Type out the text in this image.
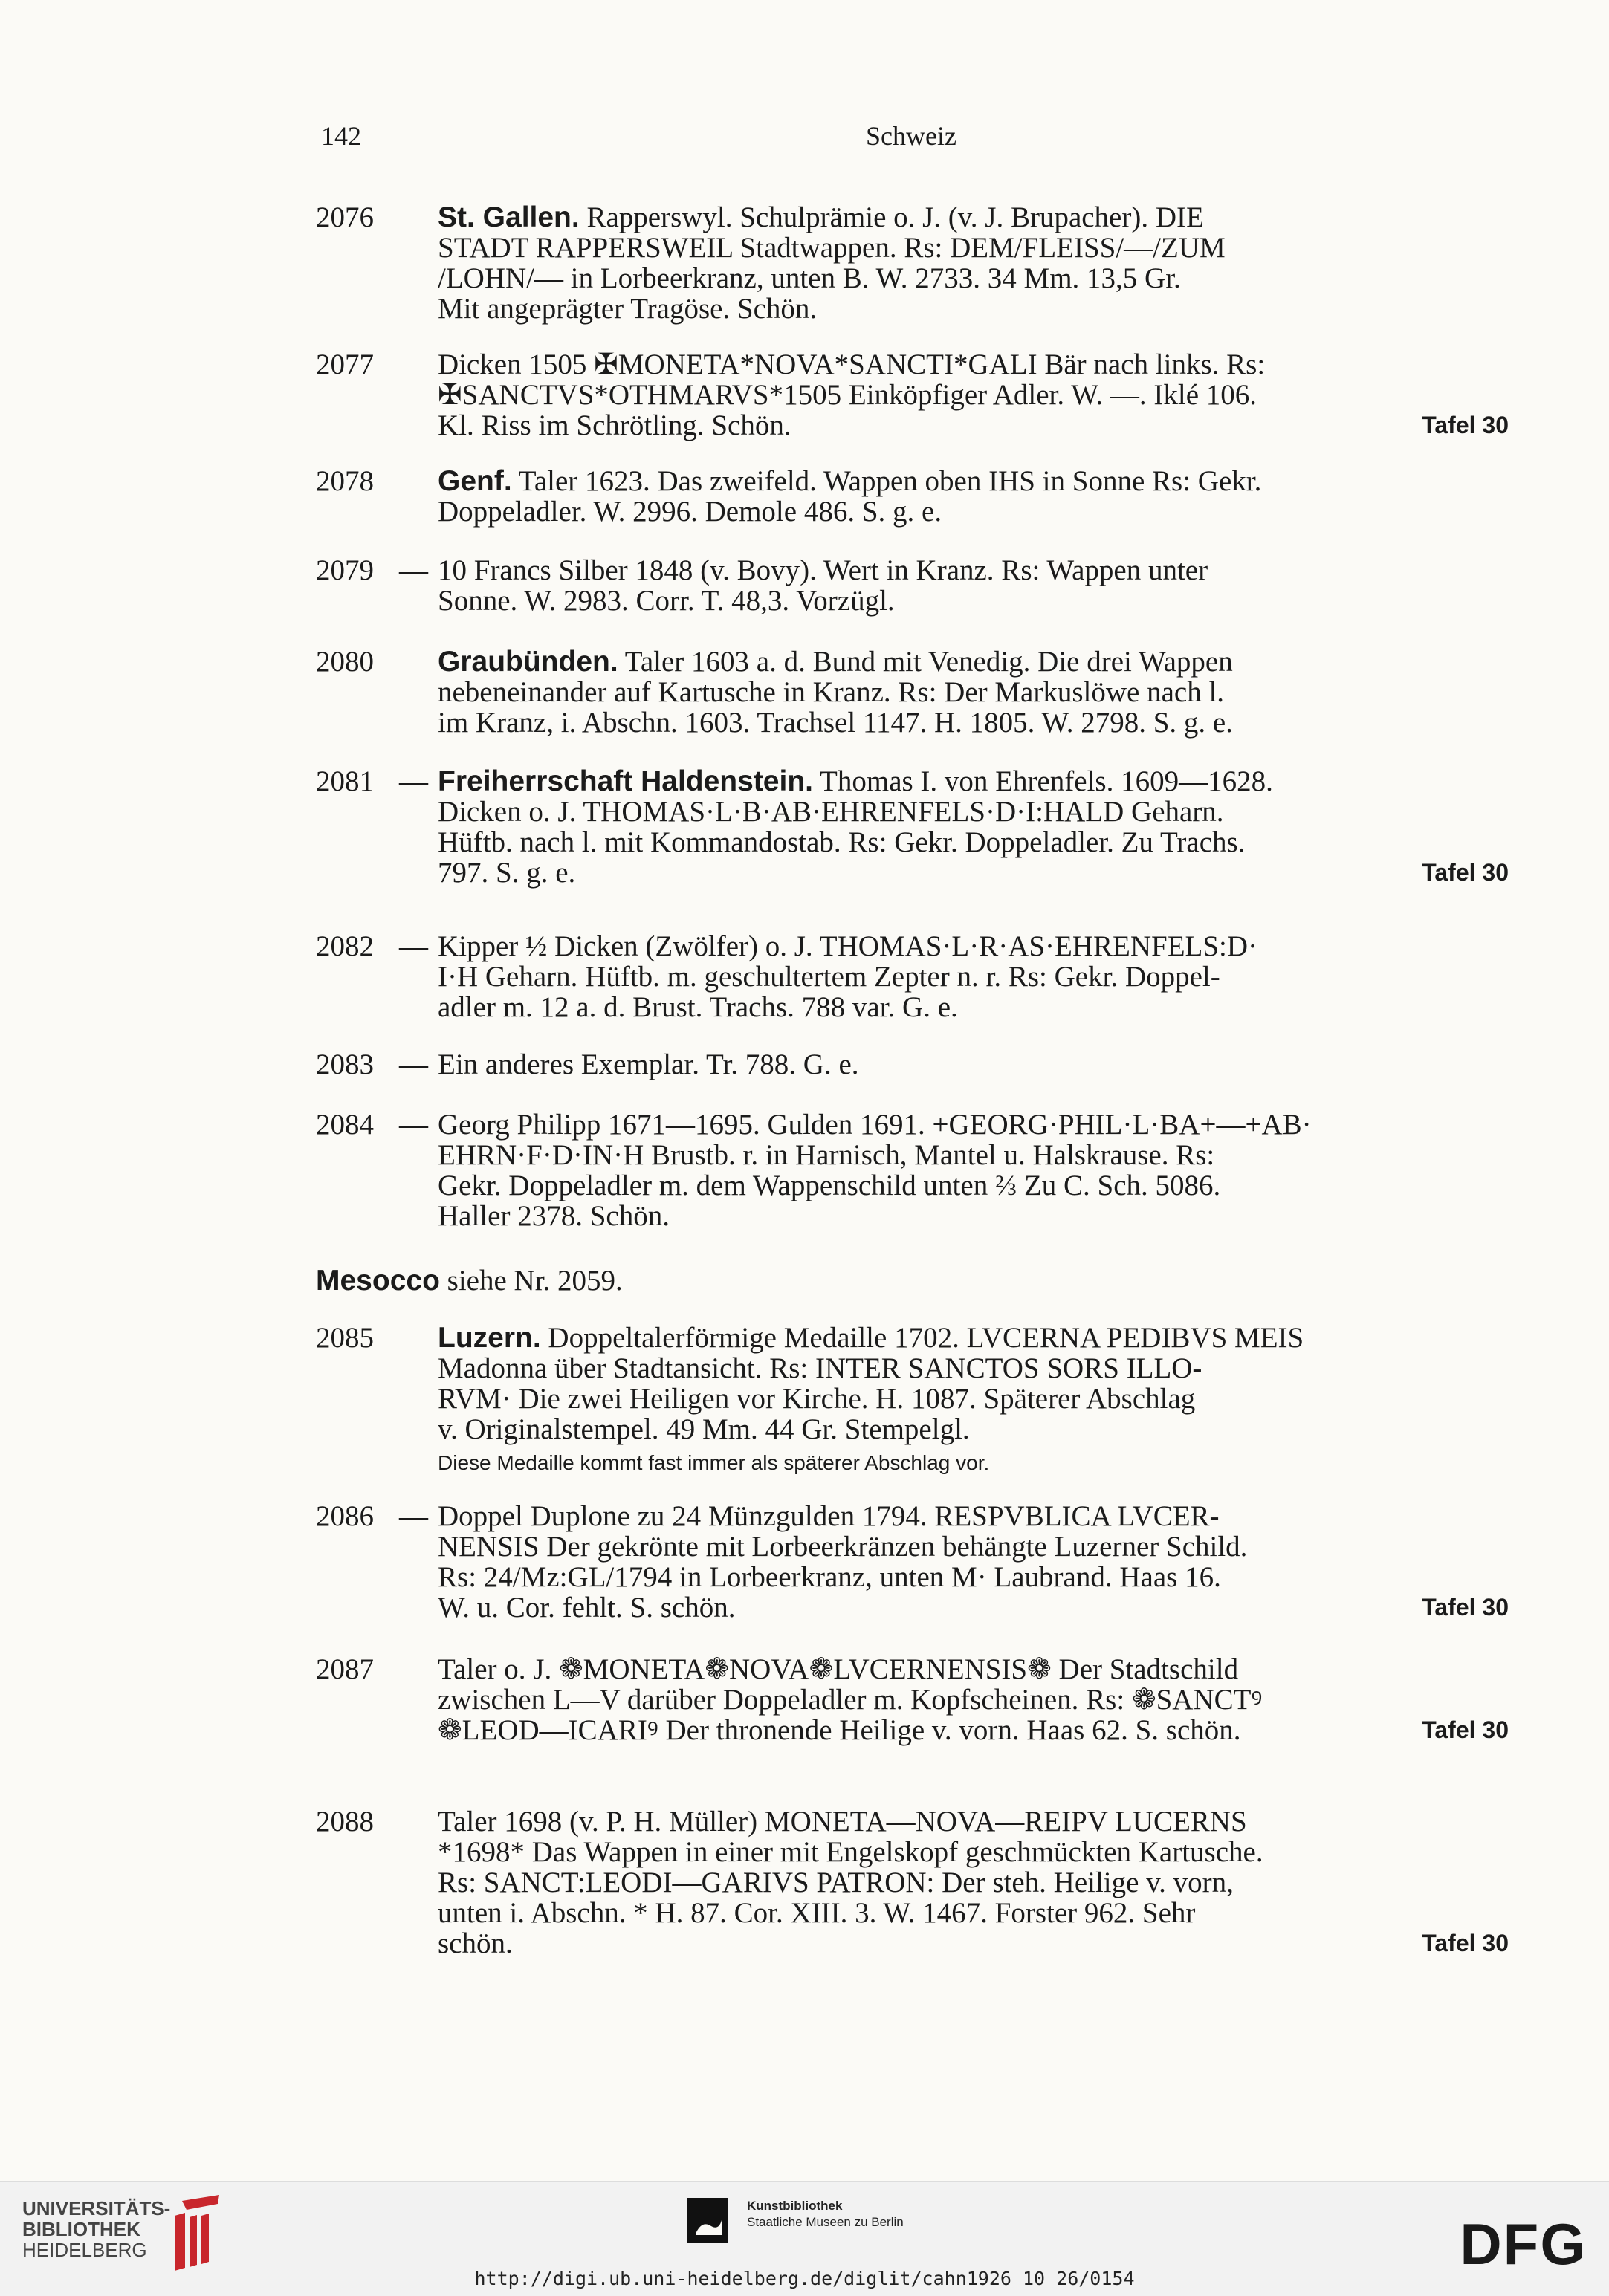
142	Schweiz
2076	St. Gallen. Rapperswyl. Schulprämie o. J. (v. J. Brupacher). DIE
STADT RAPPERSWEIL Stadtwappen. Rs: DEM/FLEISS/—/ZUM
/LOHN/— in Lorbeerkranz, unten B. W. 2733. 34 Mm. 13,5 Gr.
Mit angeprägter Tragöse. Schön.
2077	Dicken 1505 ✠MONETA*NOVA*SANCTI*GALI Bär nach links. Rs:
✠SANCTVS*OTHMARVS*1505 Einköpfiger Adler. W. —. Iklé 106.
Kl. Riss im Schrötling. Schön.	Tafel 30
2078	Genf. Taler 1623. Das zweifeld. Wappen oben IHS in Sonne Rs: Gekr.
Doppeladler. W. 2996. Demole 486. S. g. e.
2079 — 10 Francs Silber 1848 (v. Bovy). Wert in Kranz. Rs: Wappen unter
Sonne. W. 2983. Corr. T. 48,3. Vorzügl.
2080	Graubünden. Taler 1603 a. d. Bund mit Venedig. Die drei Wappen
nebeneinander auf Kartusche in Kranz. Rs: Der Markuslöwe nach l.
im Kranz, i. Abschn. 1603. Trachsel 1147. H. 1805. W. 2798. S. g. e.
2081 — Freiherrschaft Haldenstein. Thomas I. von Ehrenfels. 1609—1628.
Dicken o. J. THOMAS·L·B·AB·EHRENFELS·D·I:HALD Geharn.
Hüftb. nach l. mit Kommandostab. Rs: Gekr. Doppeladler. Zu Trachs.
797. S. g. e.	Tafel 30
2082 — Kipper ½ Dicken (Zwölfer) o. J. THOMAS·L·R·AS·EHRENFELS:D·
I·H Geharn. Hüftb. m. geschultertem Zepter n. r. Rs: Gekr. Doppel-
adler m. 12 a. d. Brust. Trachs. 788 var. G. e.
2083 — Ein anderes Exemplar. Tr. 788. G. e.
2084 — Georg Philipp 1671—1695. Gulden 1691. +GEORG·PHIL·L·BA+—+AB·
EHRN·F·D·IN·H Brustb. r. in Harnisch, Mantel u. Halskrause. Rs:
Gekr. Doppeladler m. dem Wappenschild unten ⅔ Zu C. Sch. 5086.
Haller 2378. Schön.
Mesocco siehe Nr. 2059.
2085	Luzern. Doppeltalerförmige Medaille 1702. LVCERNA PEDIBVS MEIS
Madonna über Stadtansicht. Rs: INTER SANCTOS SORS ILLO-
RVM· Die zwei Heiligen vor Kirche. H. 1087. Späterer Abschlag
v. Originalstempel. 49 Mm. 44 Gr. Stempelgl.
Diese Medaille kommt fast immer als späterer Abschlag vor.
2086 — Doppel Duplone zu 24 Münzgulden 1794. RESPVBLICA LVCER-
NENSIS Der gekrönte mit Lorbeerkränzen behängte Luzerner Schild.
Rs: 24/Mz:GL/1794 in Lorbeerkranz, unten M· Laubrand. Haas 16.
W. u. Cor. fehlt. S. schön.	Tafel 30
2087	Taler o. J. ❁MONETA❁NOVA❁LVCERNENSIS❁ Der Stadtschild
zwischen L—V darüber Doppeladler m. Kopfscheinen. Rs: ❁SANCTꝰ
❁LEOD—ICARIꝰ Der thronende Heilige v. vorn. Haas 62. S. schön.	Tafel 30
2088	Taler 1698 (v. P. H. Müller) MONETA—NOVA—REIPV LUCERNS
*1698* Das Wappen in einer mit Engelskopf geschmückten Kartusche.
Rs: SANCT:LEODI—GARIVS PATRON: Der steh. Heilige v. vorn,
unten i. Abschn. * H. 87. Cor. XIII. 3. W. 1467. Forster 962. Sehr
schön.	Tafel 30
UNIVERSITÄTS-
BIBLIOTHEK
HEIDELBERG
Kunstbibliothek
Staatliche Museen zu Berlin	DFG
http://digi.ub.uni-heidelberg.de/diglit/cahn1926_10_26/0154
